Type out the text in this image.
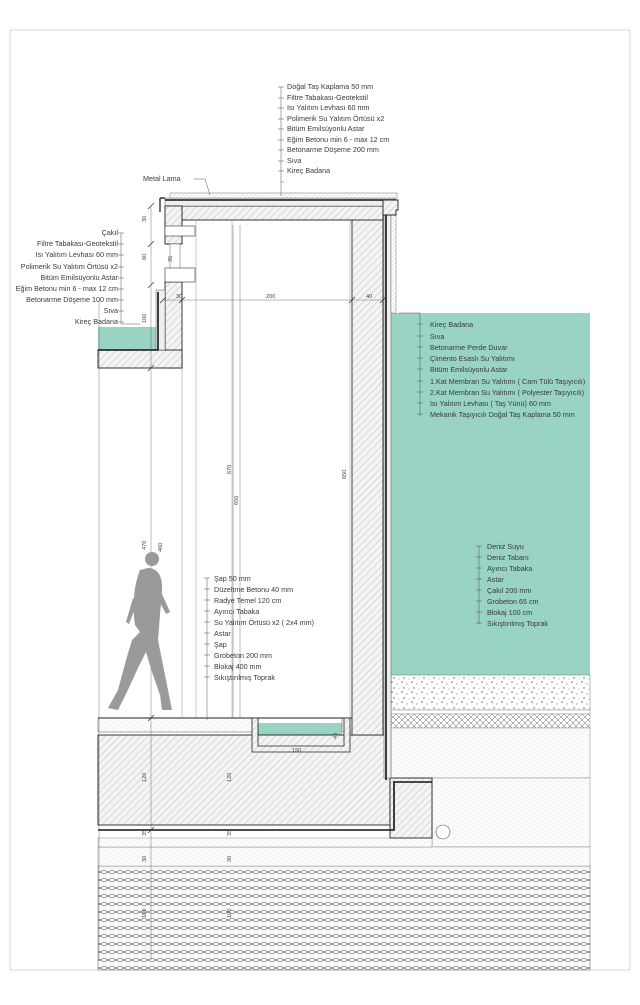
30
60	35
30	200	40
100
670
650
650
470 460
120	120
35	35
30	30
100	100
150
45
Doğal Taş Kaplama 50 mm
Filtre Tabakası-Geotekstil
Isı Yalıtım Levhası 60 mm
Polimerik Su Yalıtım Örtüsü x2
Bitüm Emilsüyonlu Astar
Eğim Betonu min 6 - max 12 cm
Betonarme Döşeme 200 mm
Sıva
Kireç Badana
Metal Lama
Çakıl
Filtre Tabakası-Geotekstil
Isı Yalıtım Levhası 60 mm
Polimerik Su Yalıtım Örtüsü x2
Bitüm Emilsüyonlu Astar
Eğim Betonu min 6 - max 12 cm
Betonarme Döşeme 100 mm
Sıva
Kireç Badana	Kireç Badana
Sıva
Betonarme Perde Duvar
Çimento Esaslı Su Yalıtımı
Bitüm Emilsüyonlu Astar
1.Kat Membran Su Yalıtımı ( Cam Tülü Taşıyıcılı)
2.Kat Membran Su Yalıtımı ( Polyester Taşıyıcılı)
Isı Yalıtım Levhası ( Taş Yünü) 60 mm
Mekanik Taşıyıcılı Doğal Taş Kaplama 50 mm
Deniz Suyu
Deniz Tabanı
Ayırıcı Tabaka
Astar
Çakıl 200 mm
Grobeton 65 cm
Blokaj 100 cm
Sıkıştırılmış Toprak
Şap 50 mm
Düzeltme Betonu 40 mm
Radye Temel 120 cm
Ayırıcı Tabaka
Su Yalıtım Örtüsü x2 ( 2x4 mm)
Astar
Şap
Grobeton 200 mm
Blokaj 400 mm
Sıkıştırılmış Toprak
